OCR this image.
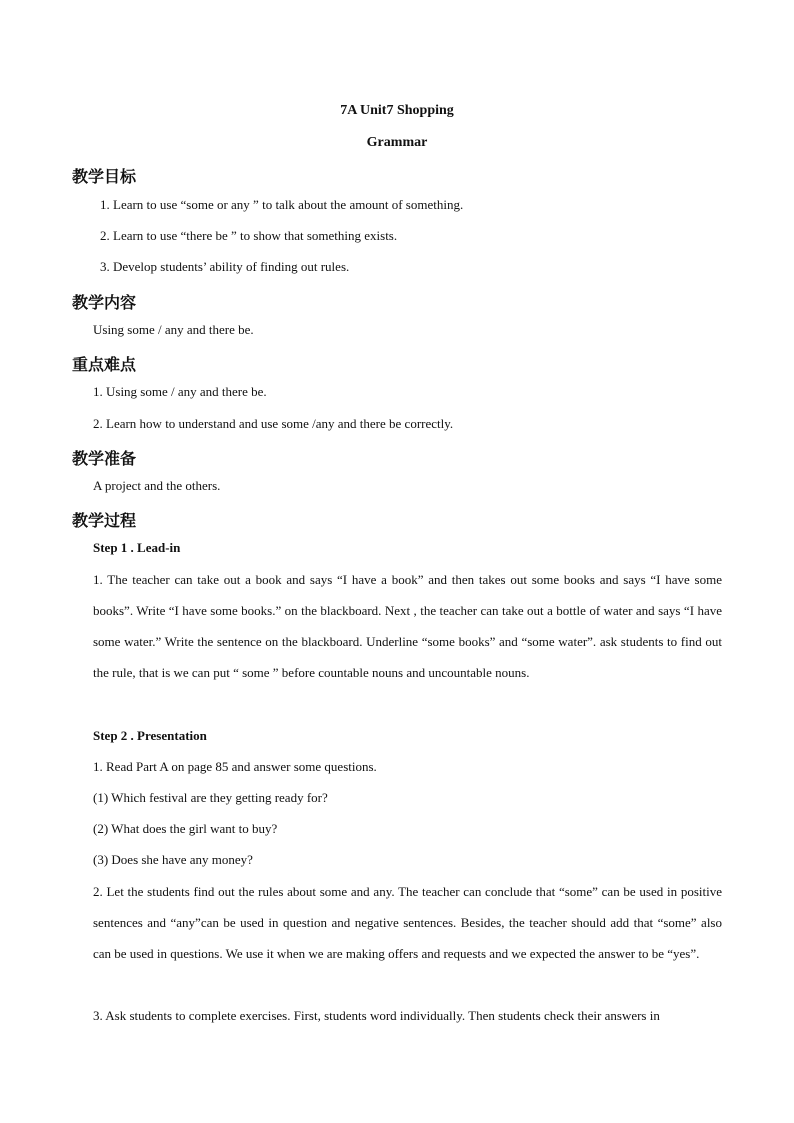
7A Unit7 Shopping
Grammar
教学目标
1. Learn to use “some or any ” to talk about the amount of something.
2. Learn to use “there be ” to show that something exists.
3. Develop students’ ability of finding out rules.
教学内容
Using some / any and there be.
重点难点
1. Using some / any and there be.
2. Learn how to understand and use some /any and there be correctly.
教学准备
A project and the others.
教学过程
Step 1 . Lead-in
1. The teacher can take out a book and says “I have a book” and then takes out some books and says “I have some books”. Write “I have some books.” on the blackboard. Next , the teacher can take out a bottle of water and says “I have some water.” Write the sentence on the blackboard. Underline “some books” and “some water”. ask students to find out the rule, that is we can put “ some ” before countable nouns and uncountable nouns.
Step 2 . Presentation
1. Read Part A on page 85 and answer some questions.
(1) Which festival are they getting ready for?
(2) What does the girl want to buy?
(3) Does she have any money?
2. Let the students find out the rules about some and any. The teacher can conclude that “some” can be used in positive sentences and “any”can be used in question and negative sentences. Besides, the teacher should add that “some” also can be used in questions. We use it when we are making offers and requests and we expected the answer to be “yes”.
3. Ask students to complete exercises. First, students word individually. Then students check their answers in
